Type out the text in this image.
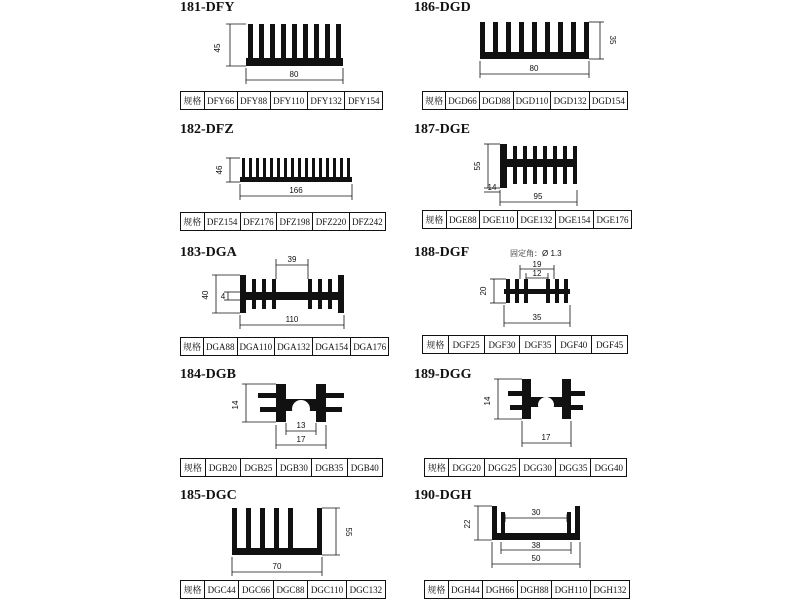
181-DFY
45
80
规格	DFY66	DFY88	DFY110	DFY132	DFY154
182-DFZ
46
166
规格	DFZ154	DFZ176	DFZ198	DFZ220	DFZ242
183-DGA
40 4
39
110
规格	DGA88	DGA110	DGA132	DGA154	DGA176
184-DGB
14
13
17
规格	DGB20	DGB25	DGB30	DGB35	DGB40
185-DGC
55
70
规格	DGC44	DGC66	DGC88	DGC110	DGC132
186-DGD
35
80
规格	DGD66	DGD88	DGD110	DGD132	DGD154
187-DGE
55
14
95
规格	DGE88	DGE110	DGE132	DGE154	DGE176
188-DGF	固定角：Ø 1.3
19
12
20
35
规格	DGF25	DGF30	DGF35	DGF40	DGF45
189-DGG
14
17
规格	DGG20	DGG25	DGG30	DGG35	DGG40
190-DGH
22
30
38
50
规格	DGH44	DGH66	DGH88	DGH110	DGH132
